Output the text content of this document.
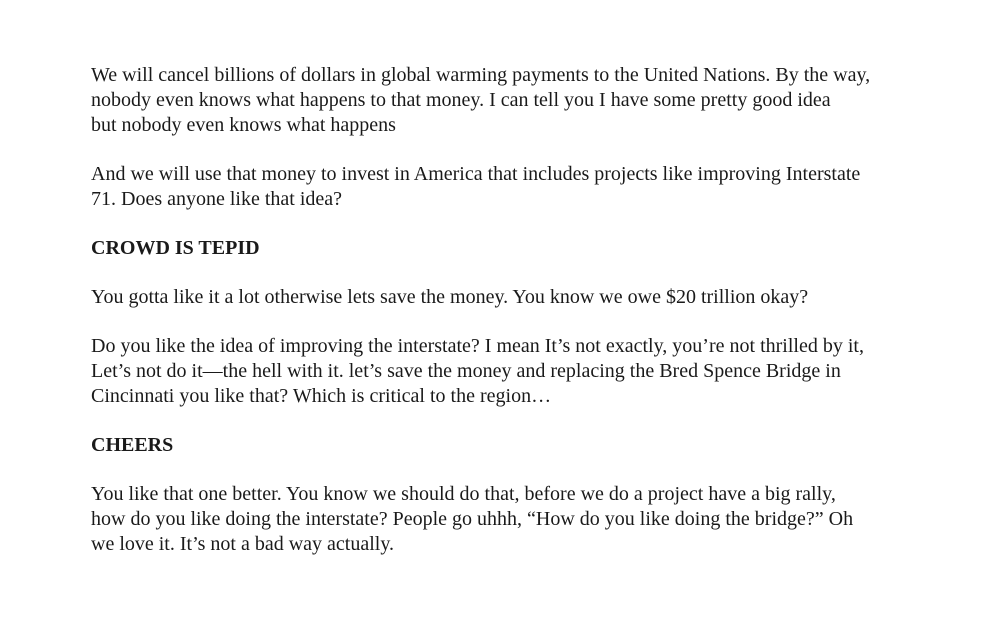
We will cancel billions of dollars in global warming payments to the United Nations. By the way,
nobody even knows what happens to that money. I can tell you I have some pretty good idea
but nobody even knows what happens
And we will use that money to invest in America that includes projects like improving Interstate
71. Does anyone like that idea?
CROWD IS TEPID
You gotta like it a lot otherwise lets save the money. You know we owe $20 trillion okay?
Do you like the idea of improving the interstate? I mean It’s not exactly, you’re not thrilled by it,
Let’s not do it—the hell with it. let’s save the money and replacing the Bred Spence Bridge in
Cincinnati you like that? Which is critical to the region…
CHEERS
You like that one better. You know we should do that, before we do a project have a big rally,
how do you like doing the interstate? People go uhhh, “How do you like doing the bridge?” Oh
we love it. It’s not a bad way actually.
